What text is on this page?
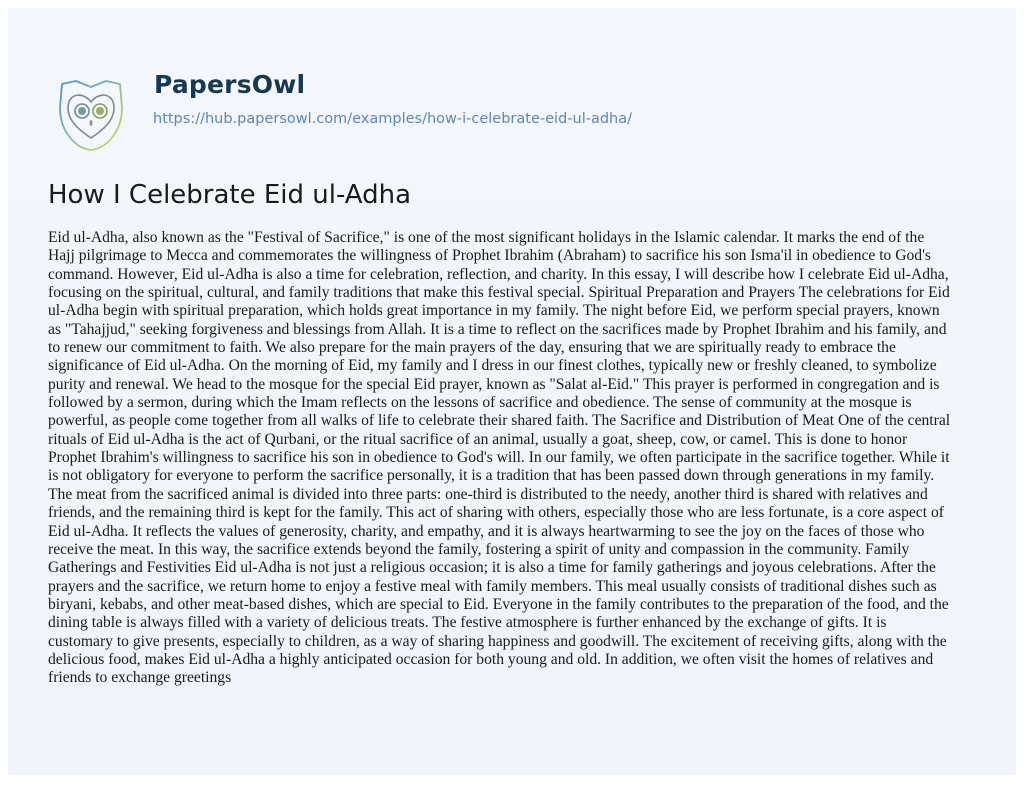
PapersOwl
https://hub.papersowl.com/examples/how-i-celebrate-eid-ul-adha/
How I Celebrate Eid ul-Adha

Eid ul-Adha, also known as the "Festival of Sacrifice," is one of the most significant holidays in the Islamic calendar. It marks the end of the
Hajj pilgrimage to Mecca and commemorates the willingness of Prophet Ibrahim (Abraham) to sacrifice his son Isma'il in obedience to God's
command. However, Eid ul-Adha is also a time for celebration, reflection, and charity. In this essay, I will describe how I celebrate Eid ul-Adha,
focusing on the spiritual, cultural, and family traditions that make this festival special. Spiritual Preparation and Prayers The celebrations for Eid
ul-Adha begin with spiritual preparation, which holds great importance in my family. The night before Eid, we perform special prayers, known
as "Tahajjud," seeking forgiveness and blessings from Allah. It is a time to reflect on the sacrifices made by Prophet Ibrahim and his family, and
to renew our commitment to faith. We also prepare for the main prayers of the day, ensuring that we are spiritually ready to embrace the
significance of Eid ul-Adha. On the morning of Eid, my family and I dress in our finest clothes, typically new or freshly cleaned, to symbolize
purity and renewal. We head to the mosque for the special Eid prayer, known as "Salat al-Eid." This prayer is performed in congregation and is
followed by a sermon, during which the Imam reflects on the lessons of sacrifice and obedience. The sense of community at the mosque is
powerful, as people come together from all walks of life to celebrate their shared faith. The Sacrifice and Distribution of Meat One of the central
rituals of Eid ul-Adha is the act of Qurbani, or the ritual sacrifice of an animal, usually a goat, sheep, cow, or camel. This is done to honor
Prophet Ibrahim's willingness to sacrifice his son in obedience to God's will. In our family, we often participate in the sacrifice together. While it
is not obligatory for everyone to perform the sacrifice personally, it is a tradition that has been passed down through generations in my family.
The meat from the sacrificed animal is divided into three parts: one-third is distributed to the needy, another third is shared with relatives and
friends, and the remaining third is kept for the family. This act of sharing with others, especially those who are less fortunate, is a core aspect of
Eid ul-Adha. It reflects the values of generosity, charity, and empathy, and it is always heartwarming to see the joy on the faces of those who
receive the meat. In this way, the sacrifice extends beyond the family, fostering a spirit of unity and compassion in the community. Family
Gatherings and Festivities Eid ul-Adha is not just a religious occasion; it is also a time for family gatherings and joyous celebrations. After the
prayers and the sacrifice, we return home to enjoy a festive meal with family members. This meal usually consists of traditional dishes such as
biryani, kebabs, and other meat-based dishes, which are special to Eid. Everyone in the family contributes to the preparation of the food, and the
dining table is always filled with a variety of delicious treats. The festive atmosphere is further enhanced by the exchange of gifts. It is
customary to give presents, especially to children, as a way of sharing happiness and goodwill. The excitement of receiving gifts, along with the
delicious food, makes Eid ul-Adha a highly anticipated occasion for both young and old. In addition, we often visit the homes of relatives and
friends to exchange greetings
